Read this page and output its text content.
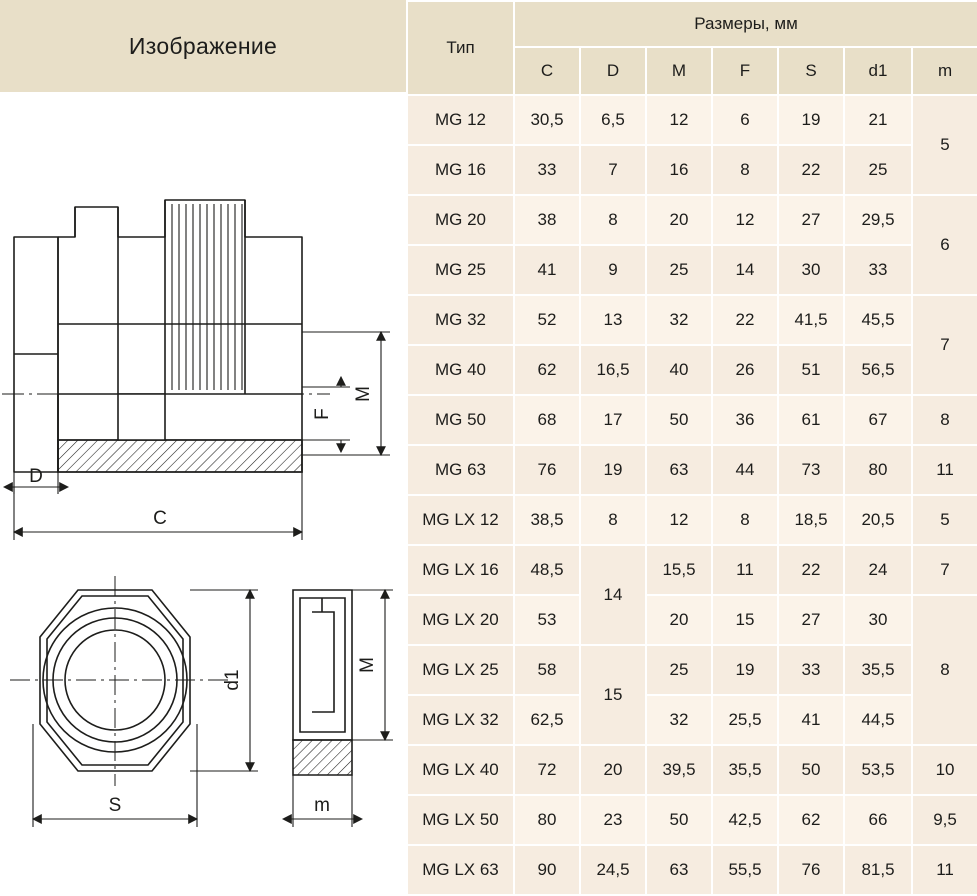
Изображение
M
F
D
C
d1
S
M
m
Тип	Размеры, мм						
	C	D	M	F	S	d1	m
MG 12	30,5	6,5	12	6	19	21	5
MG 16	33	7	16	8	22	25	
MG 20	38	8	20	12	27	29,5	6
MG 25	41	9	25	14	30	33	
MG 32	52	13	32	22	41,5	45,5	7
MG 40	62	16,5	40	26	51	56,5	
MG 50	68	17	50	36	61	67	8
MG 63	76	19	63	44	73	80	11
MG LX 12	38,5	8	12	8	18,5	20,5	5
MG LX 16	48,5	14	15,5	11	22	24	7
MG LX 20	53		20	15	27	30	8
MG LX 25	58	15	25	19	33	35,5	
MG LX 32	62,5		32	25,5	41	44,5	
MG LX 40	72	20	39,5	35,5	50	53,5	10
MG LX 50	80	23	50	42,5	62	66	9,5
MG LX 63	90	24,5	63	55,5	76	81,5	11
